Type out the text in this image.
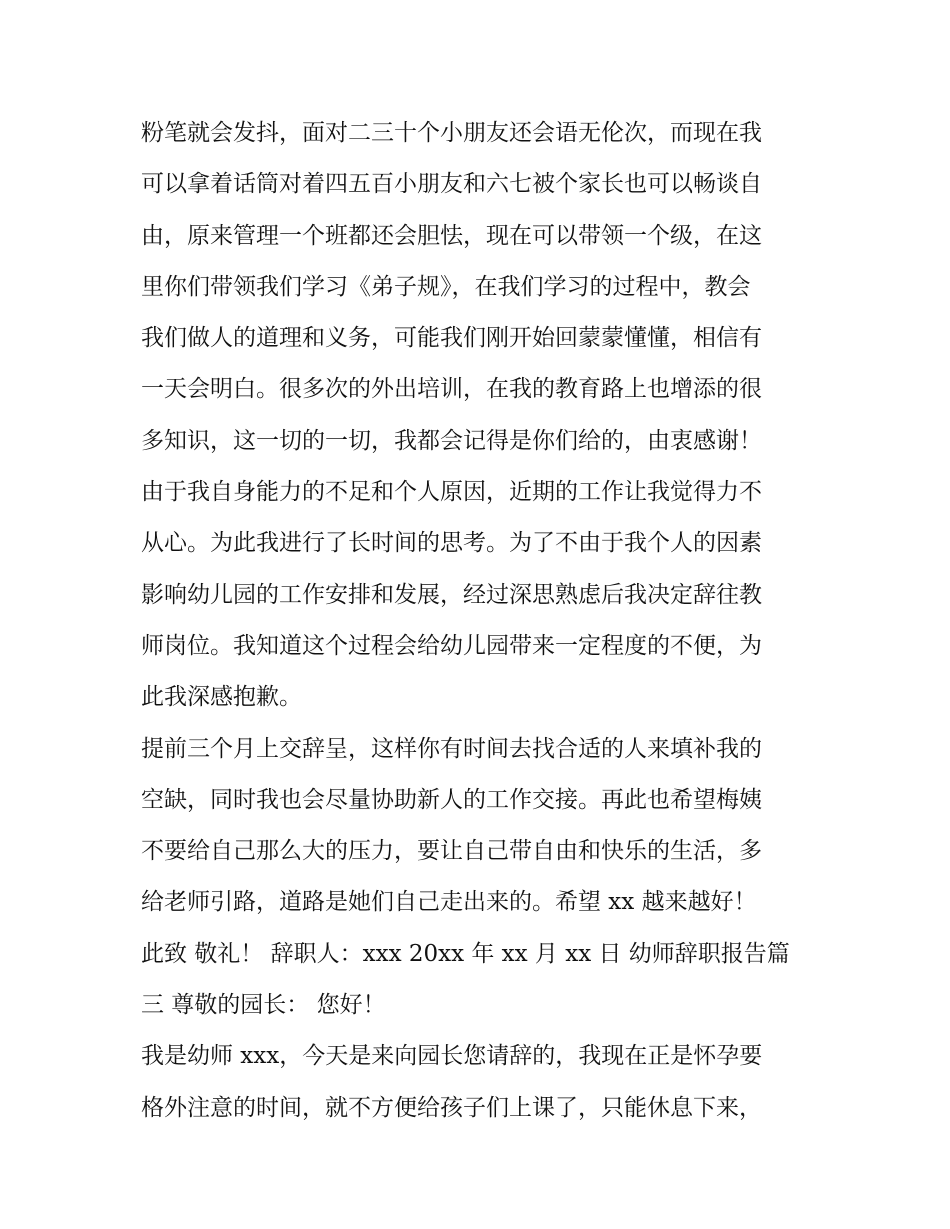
粉笔就会发抖，面对二三十个小朋友还会语无伦次，而现在我
可以拿着话筒对着四五百小朋友和六七被个家长也可以畅谈自
由，原来管理一个班都还会胆怯，现在可以带领一个级，在这
里你们带领我们学习《弟子规》，在我们学习的过程中，教会
我们做人的道理和义务，可能我们刚开始回蒙蒙懂懂，相信有
一天会明白。很多次的外出培训，在我的教育路上也增添的很
多知识，这一切的一切，我都会记得是你们给的，由衷感谢！
由于我自身能力的不足和个人原因，近期的工作让我觉得力不
从心。为此我进行了长时间的思考。为了不由于我个人的因素
影响幼儿园的工作安排和发展，经过深思熟虑后我决定辞往教
师岗位。我知道这个过程会给幼儿园带来一定程度的不便，为
此我深感抱歉。
提前三个月上交辞呈，这样你有时间去找合适的人来填补我的
空缺，同时我也会尽量协助新人的工作交接。再此也希望梅姨
不要给自己那么大的压力，要让自己带自由和快乐的生活，多
给老师引路，道路是她们自己走出来的。希望 xx 越来越好！
此致 敬礼！ 辞职人：xxx 20xx 年 xx 月 xx 日 幼师辞职报告篇
三 尊敬的园长： 您好！
我是幼师 xxx，今天是来向园长您请辞的，我现在正是怀孕要
格外注意的时间，就不方便给孩子们上课了，只能休息下来，
